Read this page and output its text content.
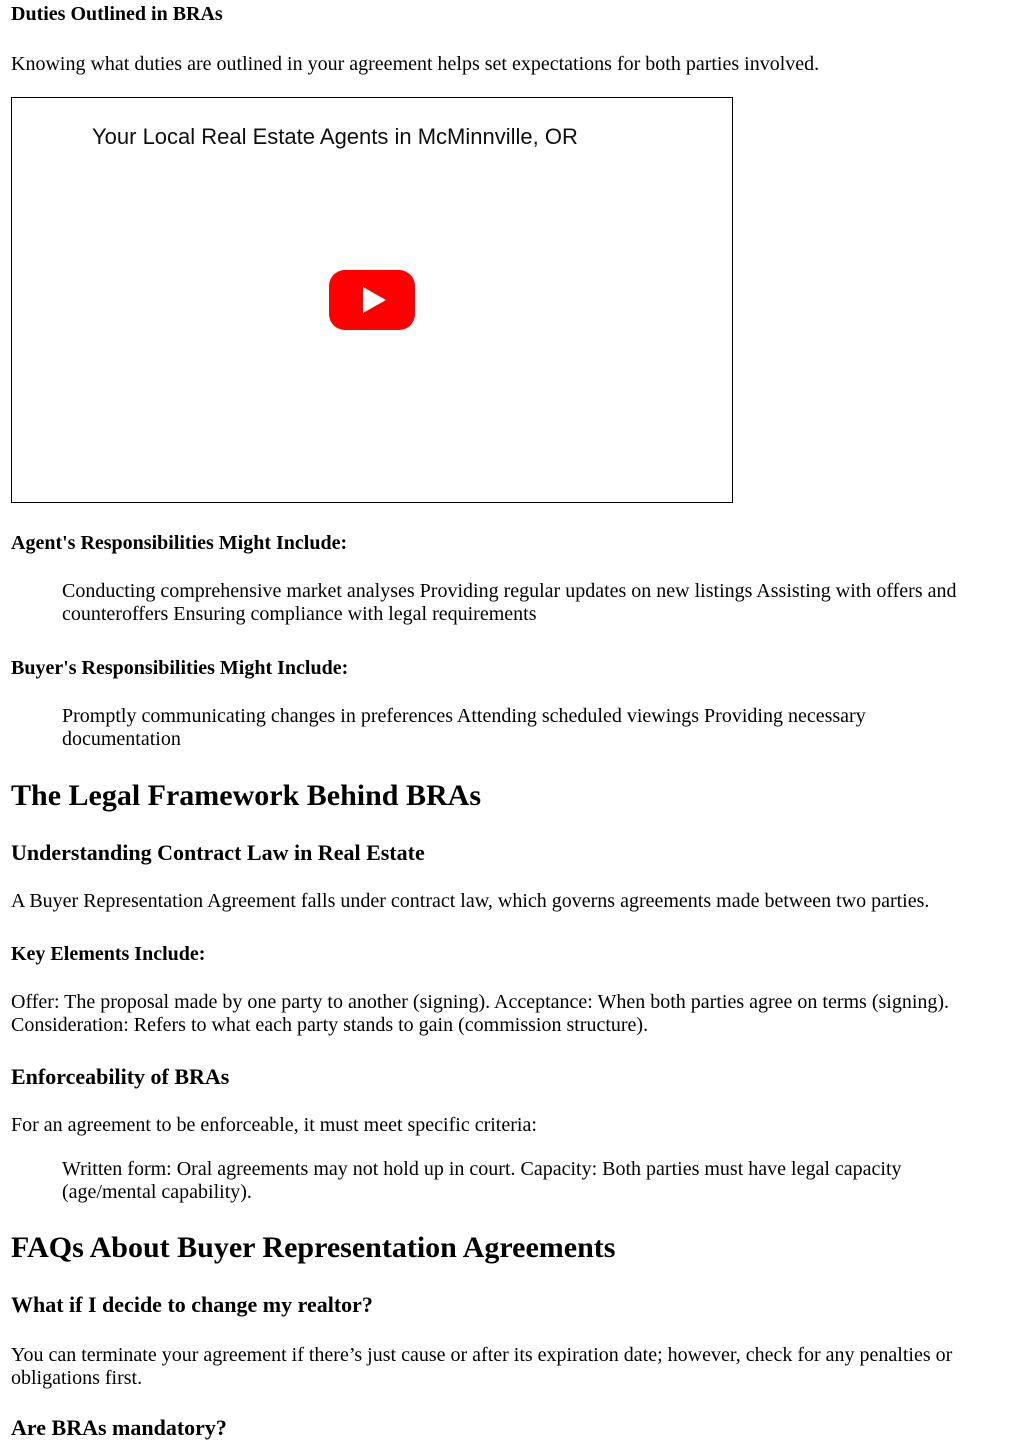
Duties Outlined in BRAs

Knowing what duties are outlined in your agreement helps set expectations for both parties involved.

Your Local Real Estate Agents in McMinnville, OR
Agent's Responsibilities Might Include:

Conducting comprehensive market analyses Providing regular updates on new listings Assisting with offers and counteroffers Ensuring compliance with legal requirements

Buyer's Responsibilities Might Include:

Promptly communicating changes in preferences Attending scheduled viewings Providing necessary documentation

The Legal Framework Behind BRAs
Understanding Contract Law in Real Estate

A Buyer Representation Agreement falls under contract law, which governs agreements made between two parties.

Key Elements Include:

Offer: The proposal made by one party to another (signing). Acceptance: When both parties agree on terms (signing). Consideration: Refers to what each party stands to gain (commission structure).

Enforceability of BRAs

For an agreement to be enforceable, it must meet specific criteria:

Written form: Oral agreements may not hold up in court. Capacity: Both parties must have legal capacity (age/mental capability).

FAQs About Buyer Representation Agreements
What if I decide to change my realtor?

You can terminate your agreement if there’s just cause or after its expiration date; however, check for any penalties or obligations first.

Are BRAs mandatory?
